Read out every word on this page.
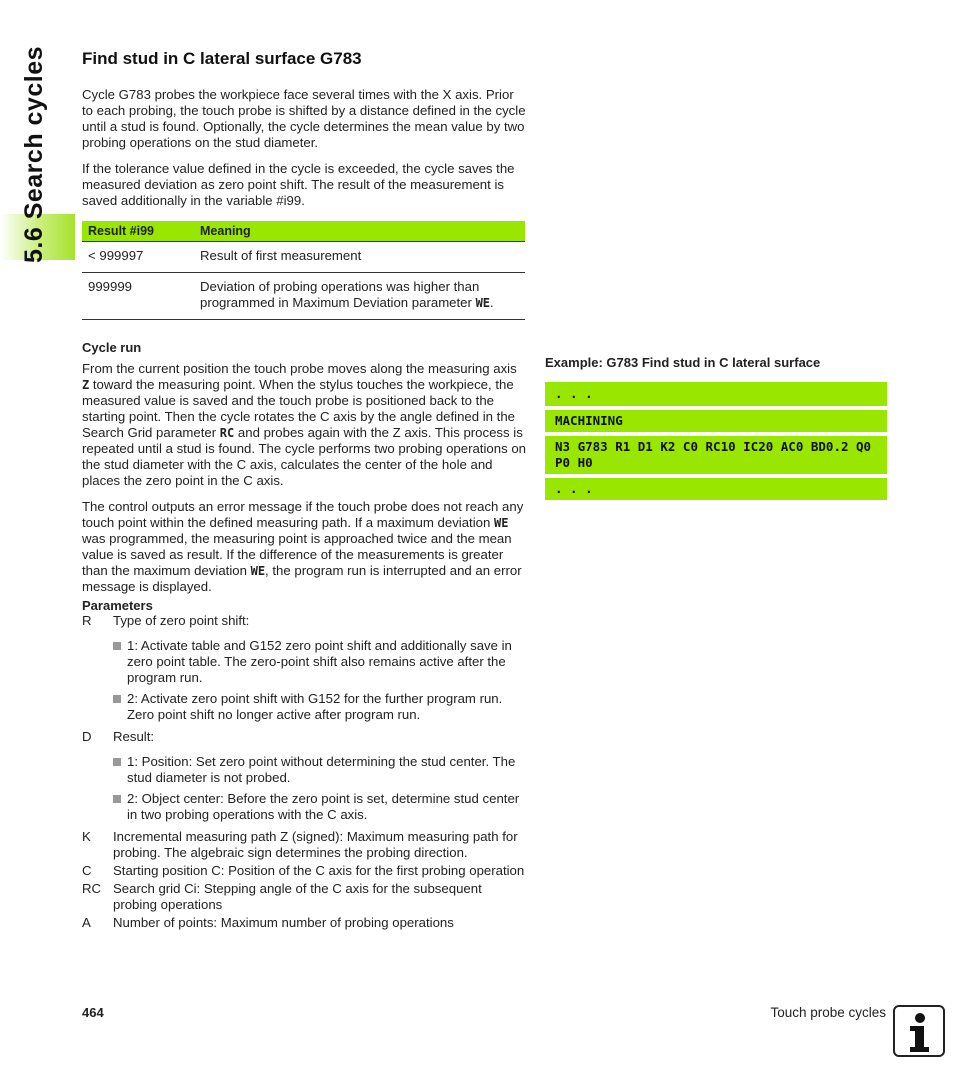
5.6 Search cycles	Find stud in C lateral surface G783

Cycle G783 probes the workpiece face several times with the X axis. Prior to each probing, the touch probe is shifted by a distance defined in the cycle until a stud is found. Optionally, the cycle determines the mean value by two probing operations on the stud diameter.

If the tolerance value defined in the cycle is exceeded, the cycle saves the measured deviation as zero point shift. The result of the measurement is saved additionally in the variable #i99.

Result #i99	Meaning
< 999997	Result of first measurement
999999	Deviation of probing operations was higher than programmed in Maximum Deviation parameter WE.
Cycle run

From the current position the touch probe moves along the measuring axis Z toward the measuring point. When the stylus touches the workpiece, the measured value is saved and the touch probe is positioned back to the starting point. Then the cycle rotates the C axis by the angle defined in the Search Grid parameter RC and probes again with the Z axis. This process is repeated until a stud is found. The cycle performs two probing operations on the stud diameter with the C axis, calculates the center of the hole and places the zero point in the C axis.

The control outputs an error message if the touch probe does not reach any touch point within the defined measuring path. If a maximum deviation WE was programmed, the measuring point is approached twice and the mean value is saved as result. If the difference of the measurements is greater than the maximum deviation WE, the program run is interrupted and an error message is displayed.

Parameters
R	Type of zero point shift:
1: Activate table and G152 zero point shift and additionally save in zero point table. The zero-point shift also remains active after the program run.
2: Activate zero point shift with G152 for the further program run. Zero point shift no longer active after program run.
D	Result:
1: Position: Set zero point without determining the stud center. The stud diameter is not probed.
2: Object center: Before the zero point is set, determine stud center in two probing operations with the C axis.
K	Incremental measuring path Z (signed): Maximum measuring path for probing. The algebraic sign determines the probing direction.
C	Starting position C: Position of the C axis for the first probing operation
RC Search grid Ci: Stepping angle of the C axis for the subsequent probing operations
A	Number of points: Maximum number of probing operations
Example: G783 Find stud in C lateral surface
. . .
MACHINING
N3 G783 R1 D1 K2 C0 RC10 IC20 AC0 BD0.2 Q0 P0 H0
. . .
464	Touch probe cycles
